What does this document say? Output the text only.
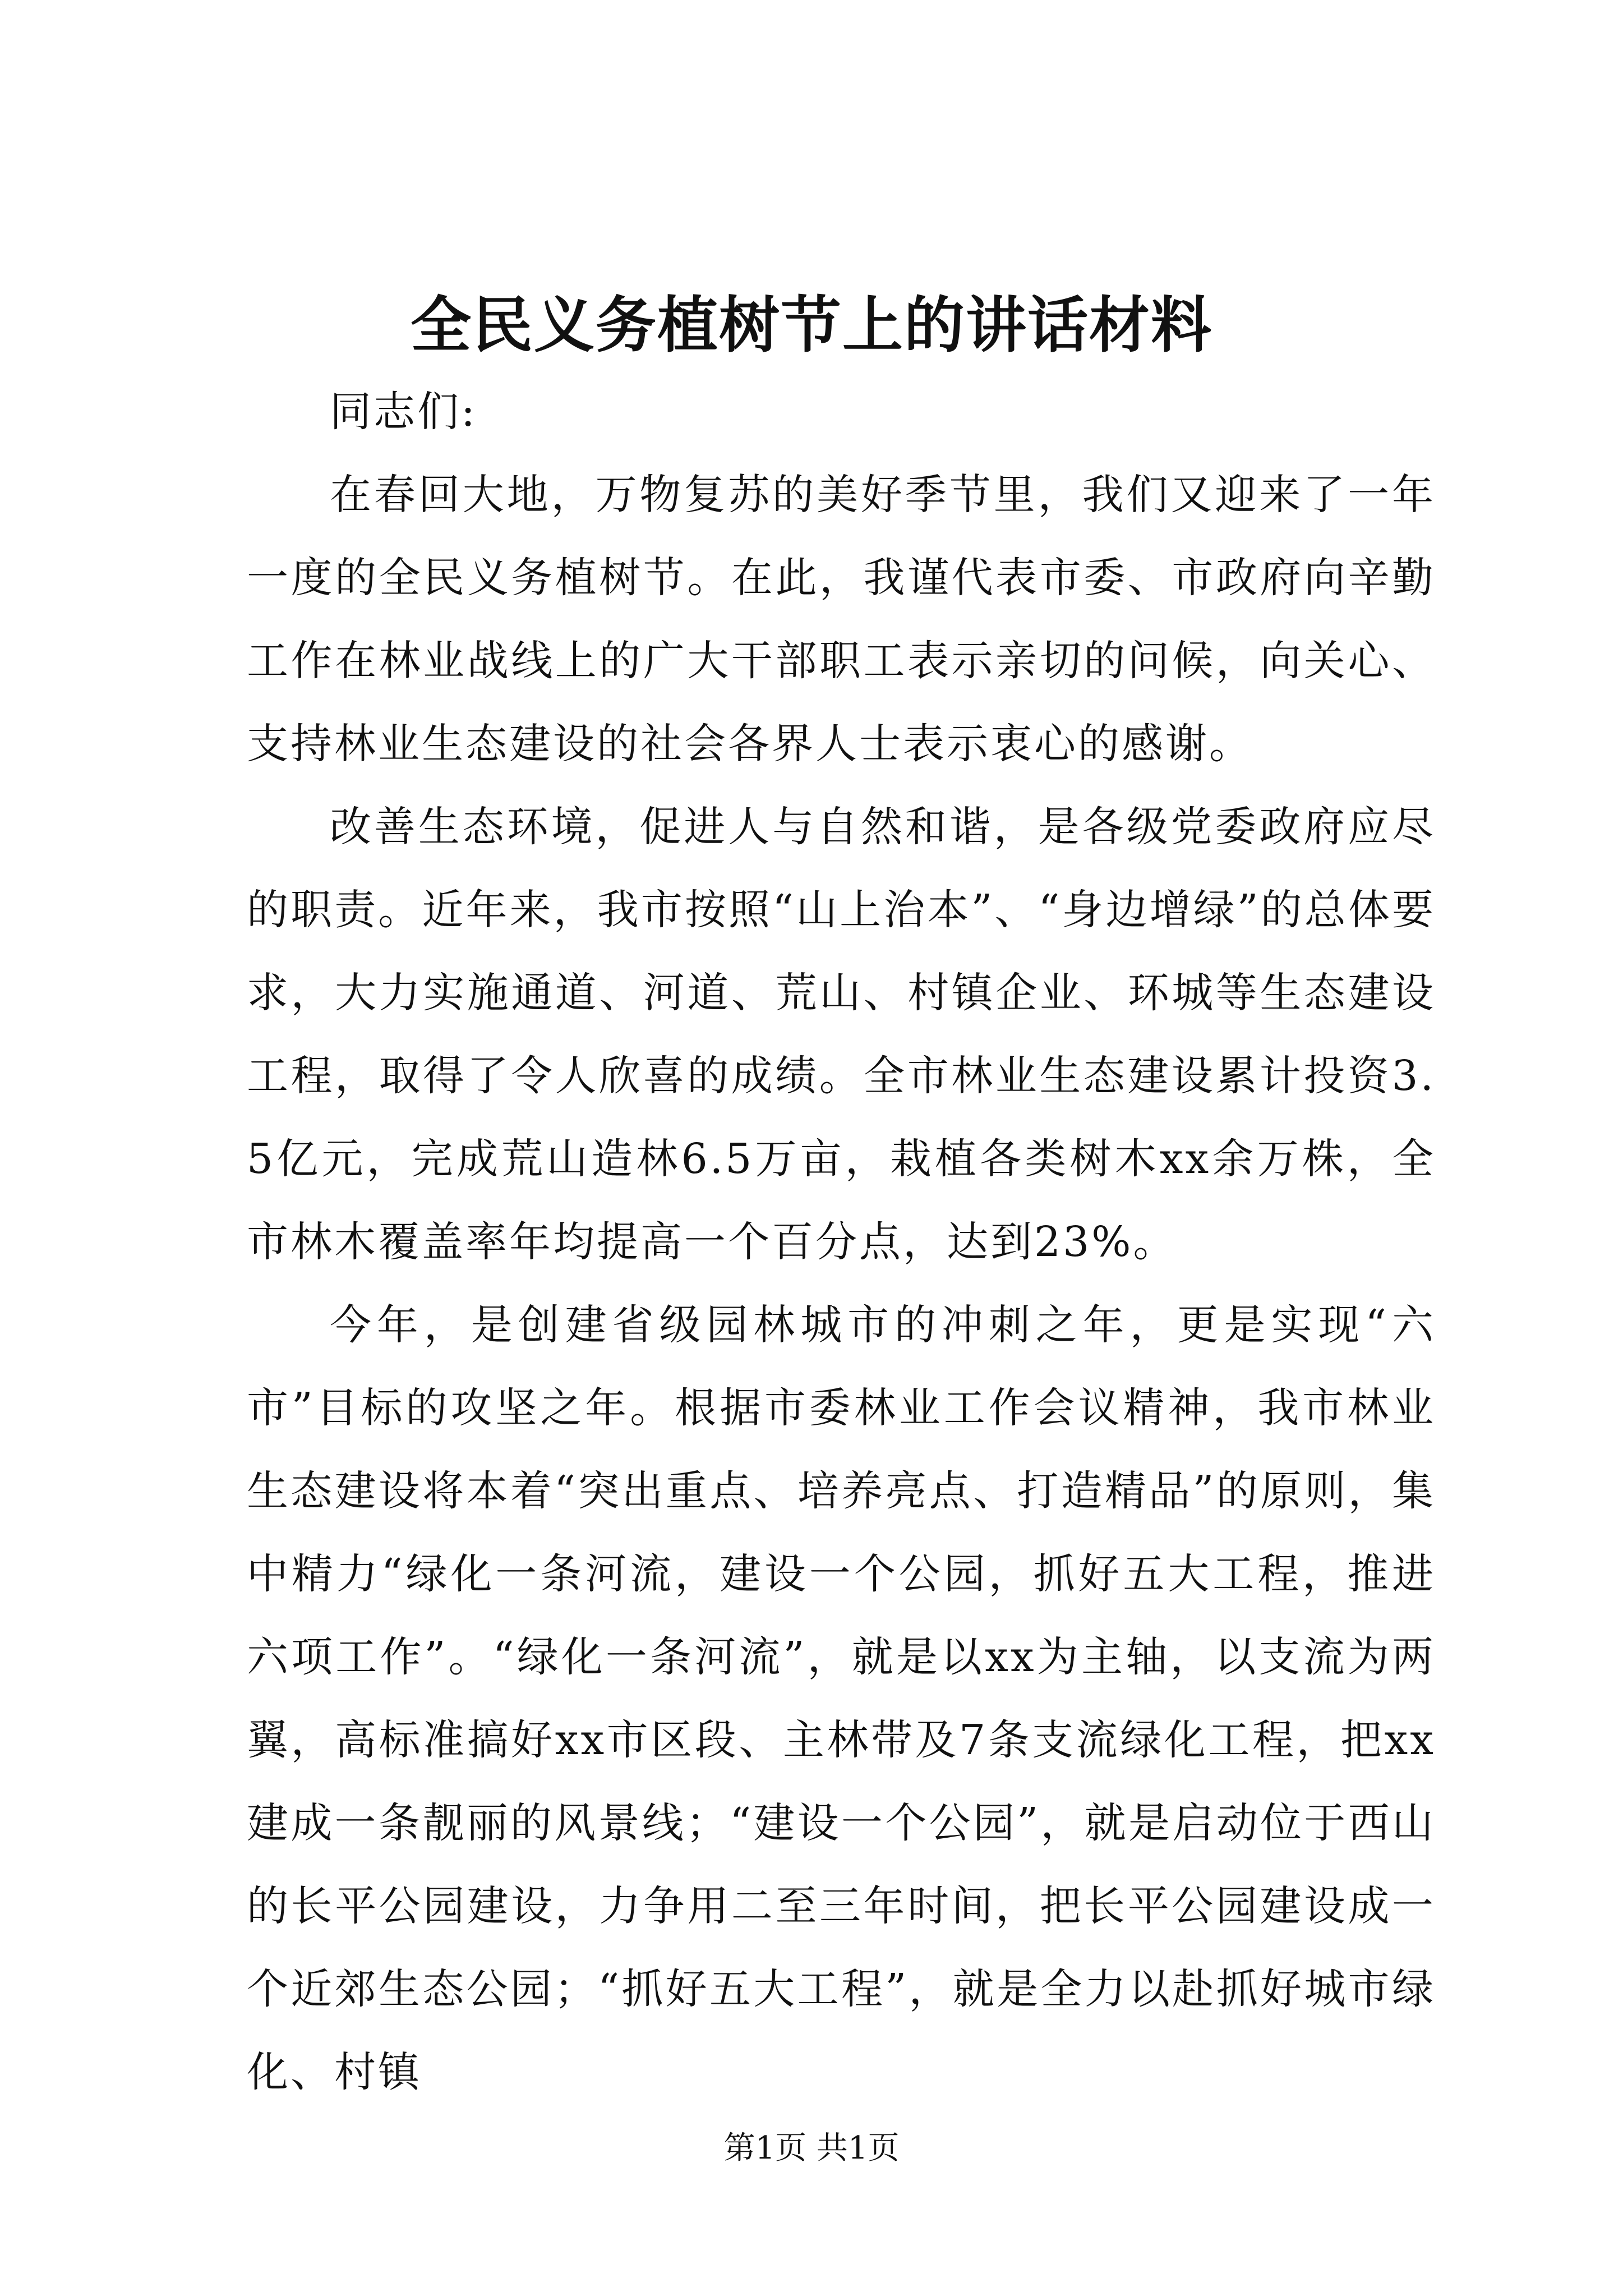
全民义务植树节上的讲话材料

同志们:

在春回大地，万物复苏的美好季节里，我们又迎来了一年一度的全民义务植树节。在此，我谨代表市委、市政府向辛勤工作在林业战线上的广大干部职工表示亲切的问候，向关心、支持林业生态建设的社会各界人士表示衷心的感谢。

改善生态环境，促进人与自然和谐，是各级党委政府应尽的职责。近年来，我市按照“山上治本”、“身边增绿”的总体要求，大力实施通道、河道、荒山、村镇企业、环城等生态建设工程，取得了令人欣喜的成绩。全市林业生态建设累计投资3.5亿元，完成荒山造林6.5万亩，栽植各类树木xx余万株，全市林木覆盖率年均提高一个百分点，达到23%。

今年，是创建省级园林城市的冲刺之年，更是实现“六市”目标的攻坚之年。根据市委林业工作会议精神，我市林业生态建设将本着“突出重点、培养亮点、打造精品”的原则，集中精力“绿化一条河流，建设一个公园，抓好五大工程，推进六项工作”。“绿化一条河流”，就是以xx为主轴，以支流为两翼，高标准搞好xx市区段、主林带及7条支流绿化工程，把xx建成一条靓丽的风景线；“建设一个公园”，就是启动位于西山的长平公园建设，力争用二至三年时间，把长平公园建设成一个近郊生态公园；“抓好五大工程”，就是全力以赴抓好城市绿化、村镇

第1页 共1页
